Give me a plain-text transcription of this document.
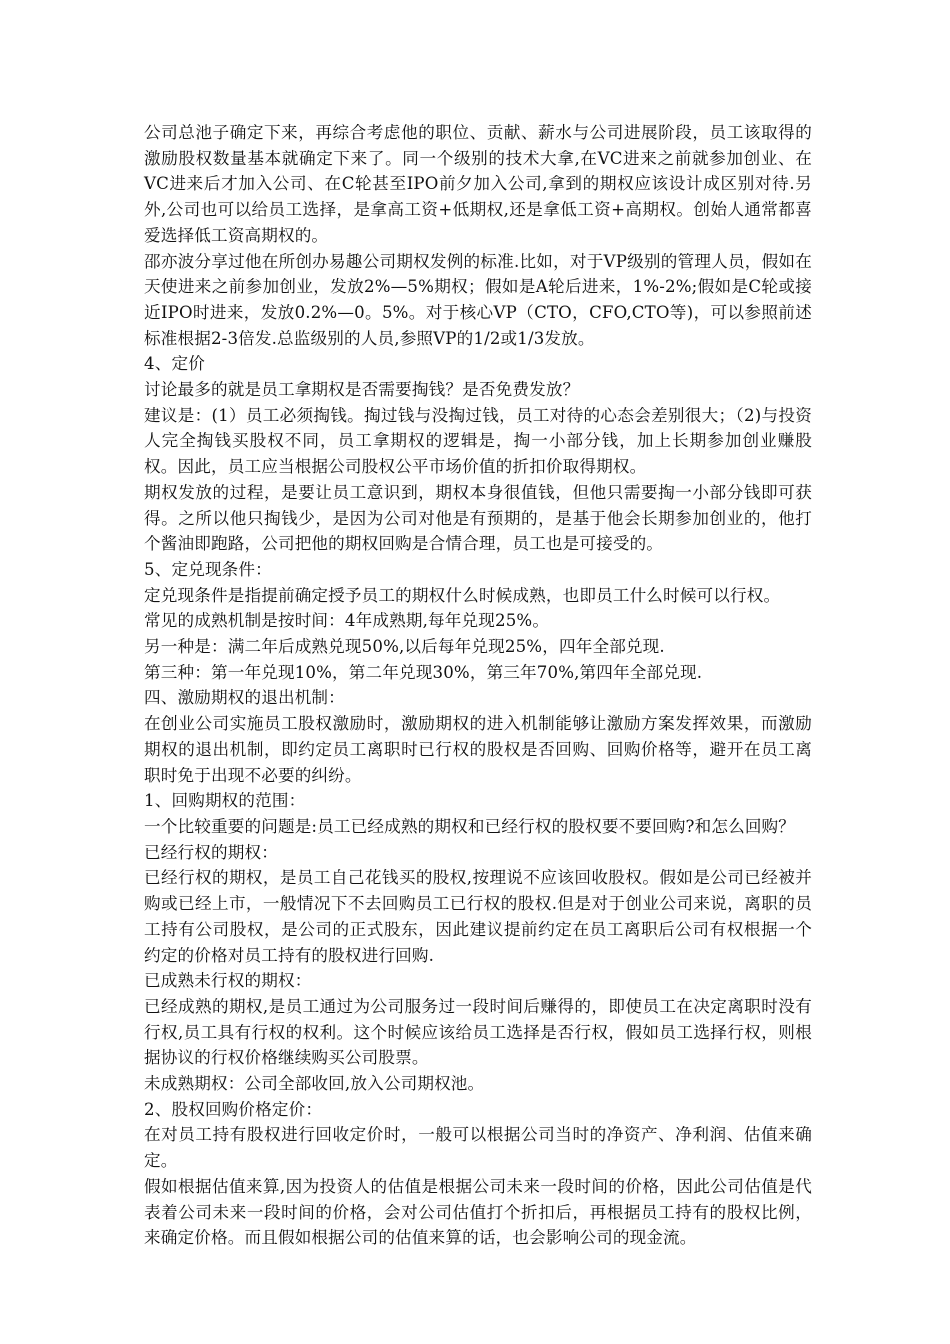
公司总池子确定下来，再综合考虑他的职位、贡献、薪水与公司进展阶段，员工该取得的激励股权数量基本就确定下来了。同一个级别的技术大拿,在VC进来之前就参加创业、在VC进来后才加入公司、在C轮甚至IPO前夕加入公司,拿到的期权应该设计成区别对待.另外,公司也可以给员工选择，是拿高工资+低期权,还是拿低工资+高期权。创始人通常都喜爱选择低工资高期权的。

邵亦波分享过他在所创办易趣公司期权发例的标准.比如，对于VP级别的管理人员，假如在天使进来之前参加创业，发放2%—5%期权；假如是A轮后进来，1%-2%;假如是C轮或接近IPO时进来，发放0.2%—0。5%。对于核心VP（CTO，CFO,CTO等)，可以参照前述标准根据2-3倍发.总监级别的人员,参照VP的1/2或1/3发放。

4、定价

讨论最多的就是员工拿期权是否需要掏钱？是否免费发放？

建议是：(1）员工必须掏钱。掏过钱与没掏过钱，员工对待的心态会差别很大；（2)与投资人完全掏钱买股权不同，员工拿期权的逻辑是，掏一小部分钱，加上长期参加创业赚股权。因此，员工应当根据公司股权公平市场价值的折扣价取得期权。

期权发放的过程，是要让员工意识到，期权本身很值钱，但他只需要掏一小部分钱即可获得。之所以他只掏钱少，是因为公司对他是有预期的，是基于他会长期参加创业的，他打个酱油即跑路，公司把他的期权回购是合情合理，员工也是可接受的。

5、定兑现条件：

定兑现条件是指提前确定授予员工的期权什么时候成熟，也即员工什么时候可以行权。

常见的成熟机制是按时间：4年成熟期,每年兑现25%。

另一种是：满二年后成熟兑现50%,以后每年兑现25%，四年全部兑现.

第三种：第一年兑现10%，第二年兑现30%，第三年70%,第四年全部兑现.

四、激励期权的退出机制：

在创业公司实施员工股权激励时，激励期权的进入机制能够让激励方案发挥效果，而激励期权的退出机制，即约定员工离职时已行权的股权是否回购、回购价格等，避开在员工离职时免于出现不必要的纠纷。

1、回购期权的范围：

一个比较重要的问题是:员工已经成熟的期权和已经行权的股权要不要回购?和怎么回购？

已经行权的期权：

已经行权的期权，是员工自己花钱买的股权,按理说不应该回收股权。假如是公司已经被并购或已经上市，一般情况下不去回购员工已行权的股权.但是对于创业公司来说，离职的员工持有公司股权，是公司的正式股东，因此建议提前约定在员工离职后公司有权根据一个约定的价格对员工持有的股权进行回购.

已成熟未行权的期权：

已经成熟的期权,是员工通过为公司服务过一段时间后赚得的，即使员工在决定离职时没有行权,员工具有行权的权利。这个时候应该给员工选择是否行权，假如员工选择行权，则根据协议的行权价格继续购买公司股票。

未成熟期权：公司全部收回,放入公司期权池。

2、股权回购价格定价：

在对员工持有股权进行回收定价时，一般可以根据公司当时的净资产、净利润、估值来确定。

假如根据估值来算,因为投资人的估值是根据公司未来一段时间的价格，因此公司估值是代表着公司未来一段时间的价格，会对公司估值打个折扣后，再根据员工持有的股权比例，来确定价格。而且假如根据公司的估值来算的话，也会影响公司的现金流。
